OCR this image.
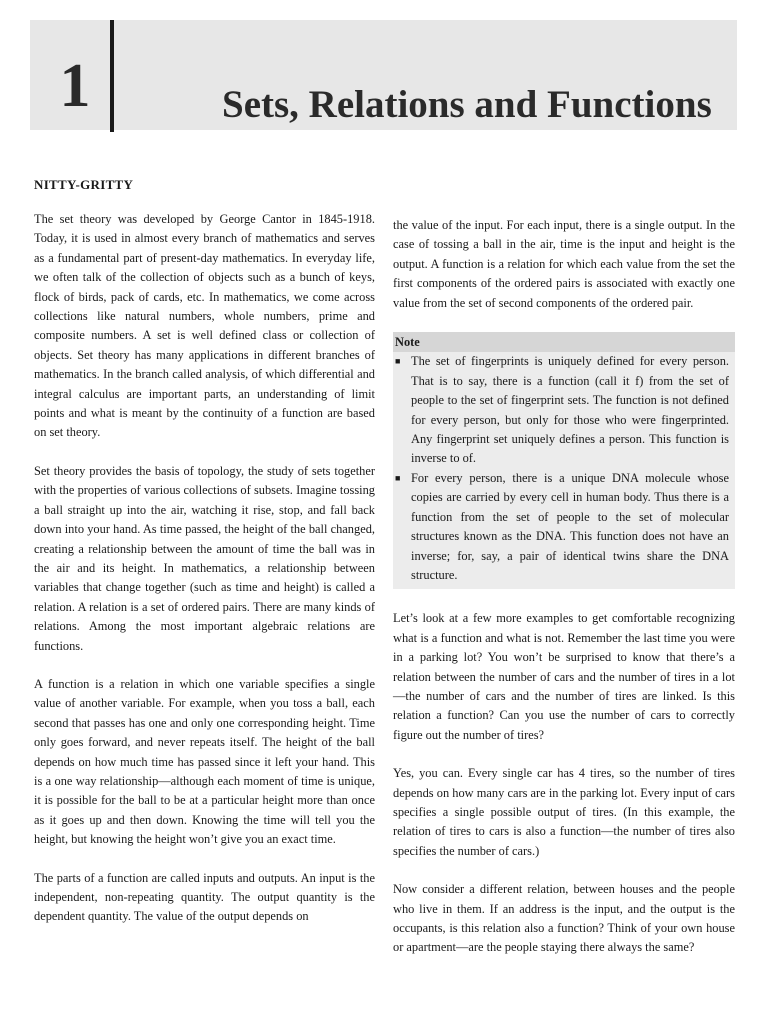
1	Sets, Relations and Functions
NITTY-GRITTY

The set theory was developed by George Cantor in 1845-1918. Today, it is used in almost every branch of mathematics and serves as a fundamental part of present-day mathematics. In everyday life, we often talk of the collection of objects such as a bunch of keys, flock of birds, pack of cards, etc. In mathematics, we come across collections like natural numbers, whole numbers, prime and composite numbers. A set is well defined class or collection of objects. Set theory has many applications in different branches of mathematics. In the branch called analysis, of which differential and integral calculus are important parts, an understanding of limit points and what is meant by the continuity of a function are based on set theory.

Set theory provides the basis of topology, the study of sets together with the properties of various collections of subsets. Imagine tossing a ball straight up into the air, watching it rise, stop, and fall back down into your hand. As time passed, the height of the ball changed, creating a relationship between the amount of time the ball was in the air and its height. In mathematics, a relationship between variables that change together (such as time and height) is called a relation. A relation is a set of ordered pairs. There are many kinds of relations. Among the most important algebraic relations are functions.

A function is a relation in which one variable specifies a single value of another variable. For example, when you toss a ball, each second that passes has one and only one corresponding height. Time only goes forward, and never repeats itself. The height of the ball depends on how much time has passed since it left your hand. This is a one way relationship—although each moment of time is unique, it is possible for the ball to be at a particular height more than once as it goes up and then down. Knowing the time will tell you the height, but knowing the height won’t give you an exact time.

The parts of a function are called inputs and outputs. An input is the independent, non-repeating quantity. The output quantity is the dependent quantity. The value of the output depends on

the value of the input. For each input, there is a single output. In the case of tossing a ball in the air, time is the input and height is the output. A function is a relation for which each value from the set the first components of the ordered pairs is associated with exactly one value from the set of second components of the ordered pair.

Note
■ The set of fingerprints is uniquely defined for every person. That is to say, there is a function (call it f) from the set of people to the set of fingerprint sets. The function is not defined for every person, but only for those who were fingerprinted. Any fingerprint set uniquely defines a person. This function is inverse to of.
■ For every person, there is a unique DNA molecule whose copies are carried by every cell in human body. Thus there is a function from the set of people to the set of molecular structures known as the DNA. This function does not have an inverse; for, say, a pair of identical twins share the DNA structure.

Let’s look at a few more examples to get comfortable recognizing what is a function and what is not. Remember the last time you were in a parking lot? You won’t be surprised to know that there’s a relation between the number of cars and the number of tires in a lot—the number of cars and the number of tires are linked. Is this relation a function? Can you use the number of cars to correctly figure out the number of tires?

Yes, you can. Every single car has 4 tires, so the number of tires depends on how many cars are in the parking lot. Every input of cars specifies a single possible output of tires. (In this example, the relation of tires to cars is also a function—the number of tires also specifies the number of cars.)

Now consider a different relation, between houses and the people who live in them. If an address is the input, and the output is the occupants, is this relation also a function? Think of your own house or apartment—are the people staying there always the same?
